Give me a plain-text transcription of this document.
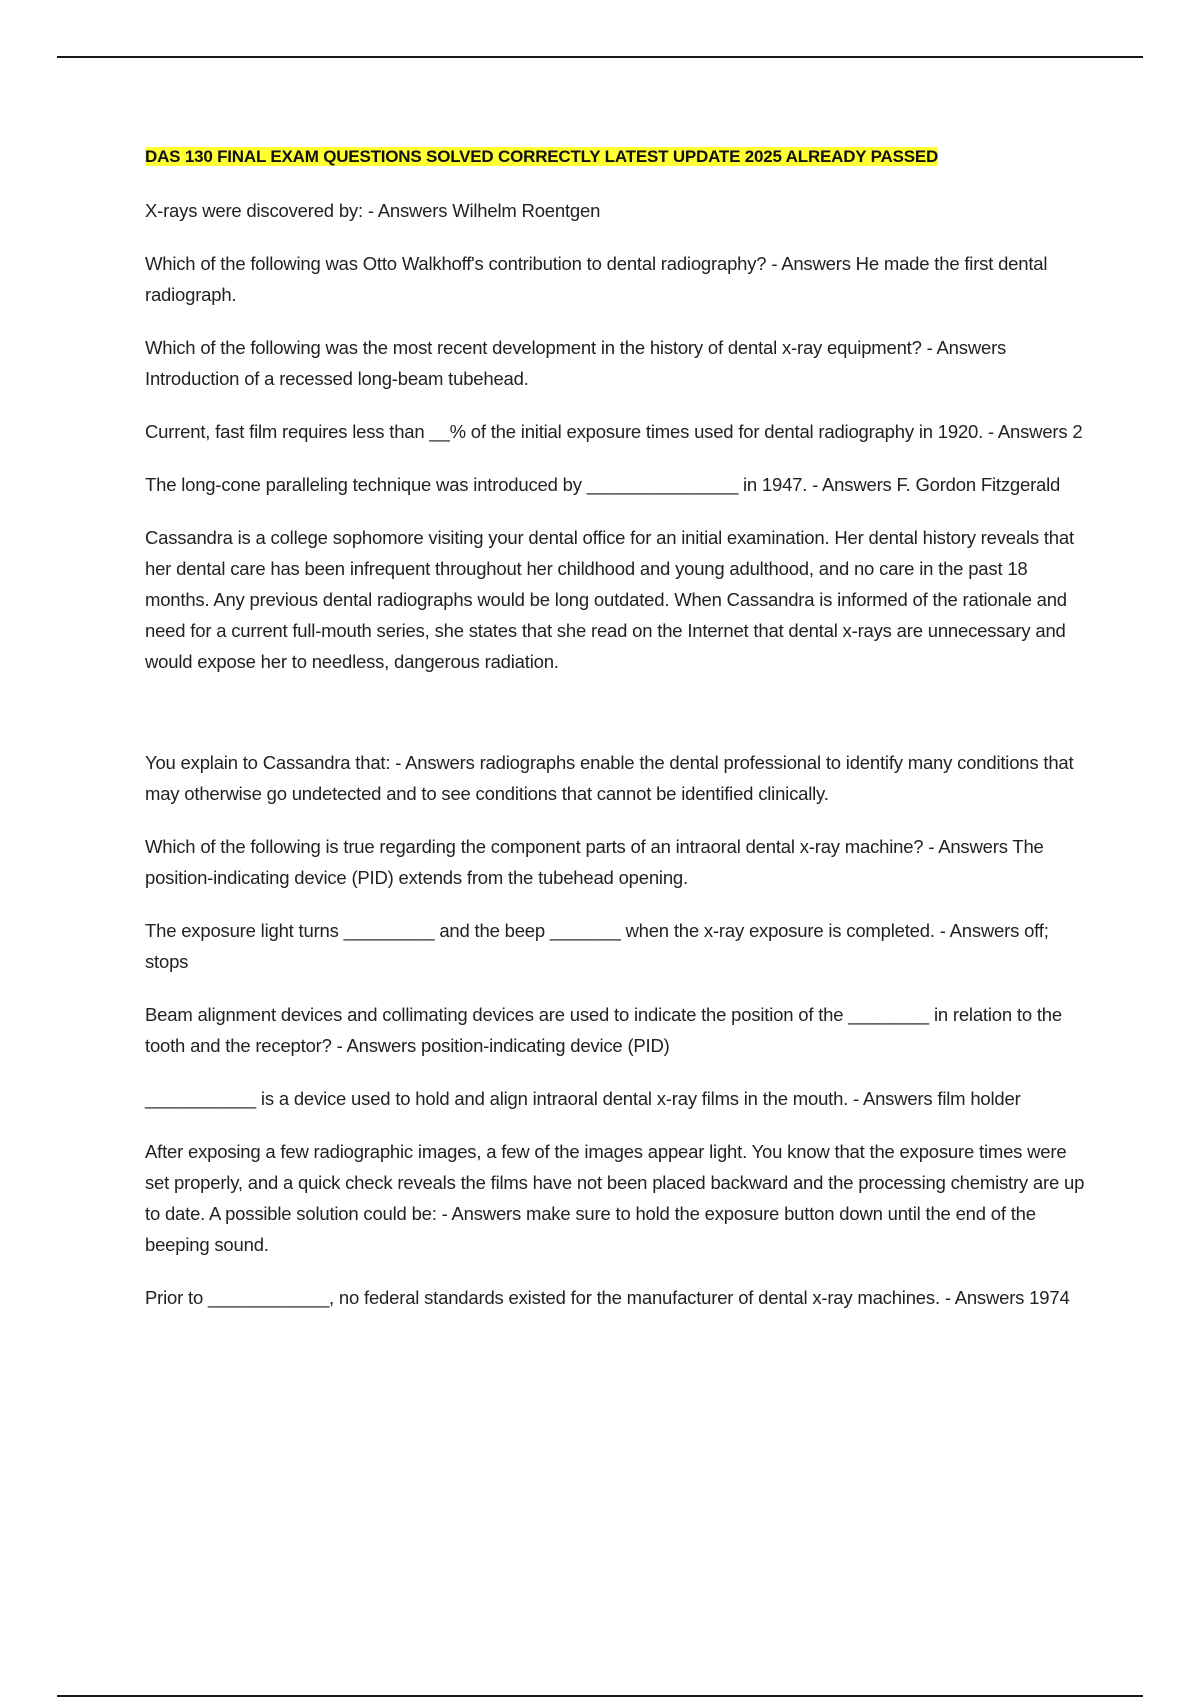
DAS 130 FINAL EXAM QUESTIONS SOLVED CORRECTLY LATEST UPDATE 2025 ALREADY PASSED

X-rays were discovered by: - Answers Wilhelm Roentgen

Which of the following was Otto Walkhoff's contribution to dental radiography? - Answers He made the first dental radiograph.

Which of the following was the most recent development in the history of dental x-ray equipment? - Answers Introduction of a recessed long-beam tubehead.

Current, fast film requires less than __% of the initial exposure times used for dental radiography in 1920. - Answers 2

The long-cone paralleling technique was introduced by _______________ in 1947. - Answers F. Gordon Fitzgerald

Cassandra is a college sophomore visiting your dental office for an initial examination. Her dental history reveals that her dental care has been infrequent throughout her childhood and young adulthood, and no care in the past 18 months. Any previous dental radiographs would be long outdated. When Cassandra is informed of the rationale and need for a current full-mouth series, she states that she read on the Internet that dental x-rays are unnecessary and would expose her to needless, dangerous radiation.

You explain to Cassandra that: - Answers radiographs enable the dental professional to identify many conditions that may otherwise go undetected and to see conditions that cannot be identified clinically.

Which of the following is true regarding the component parts of an intraoral dental x-ray machine? - Answers The position-indicating device (PID) extends from the tubehead opening.

The exposure light turns _________ and the beep _______ when the x-ray exposure is completed. - Answers off; stops

Beam alignment devices and collimating devices are used to indicate the position of the ________ in relation to the tooth and the receptor? - Answers position-indicating device (PID)

___________ is a device used to hold and align intraoral dental x-ray films in the mouth. - Answers film holder

After exposing a few radiographic images, a few of the images appear light. You know that the exposure times were set properly, and a quick check reveals the films have not been placed backward and the processing chemistry are up to date. A possible solution could be: - Answers make sure to hold the exposure button down until the end of the beeping sound.

Prior to ____________, no federal standards existed for the manufacturer of dental x-ray machines. - Answers 1974
